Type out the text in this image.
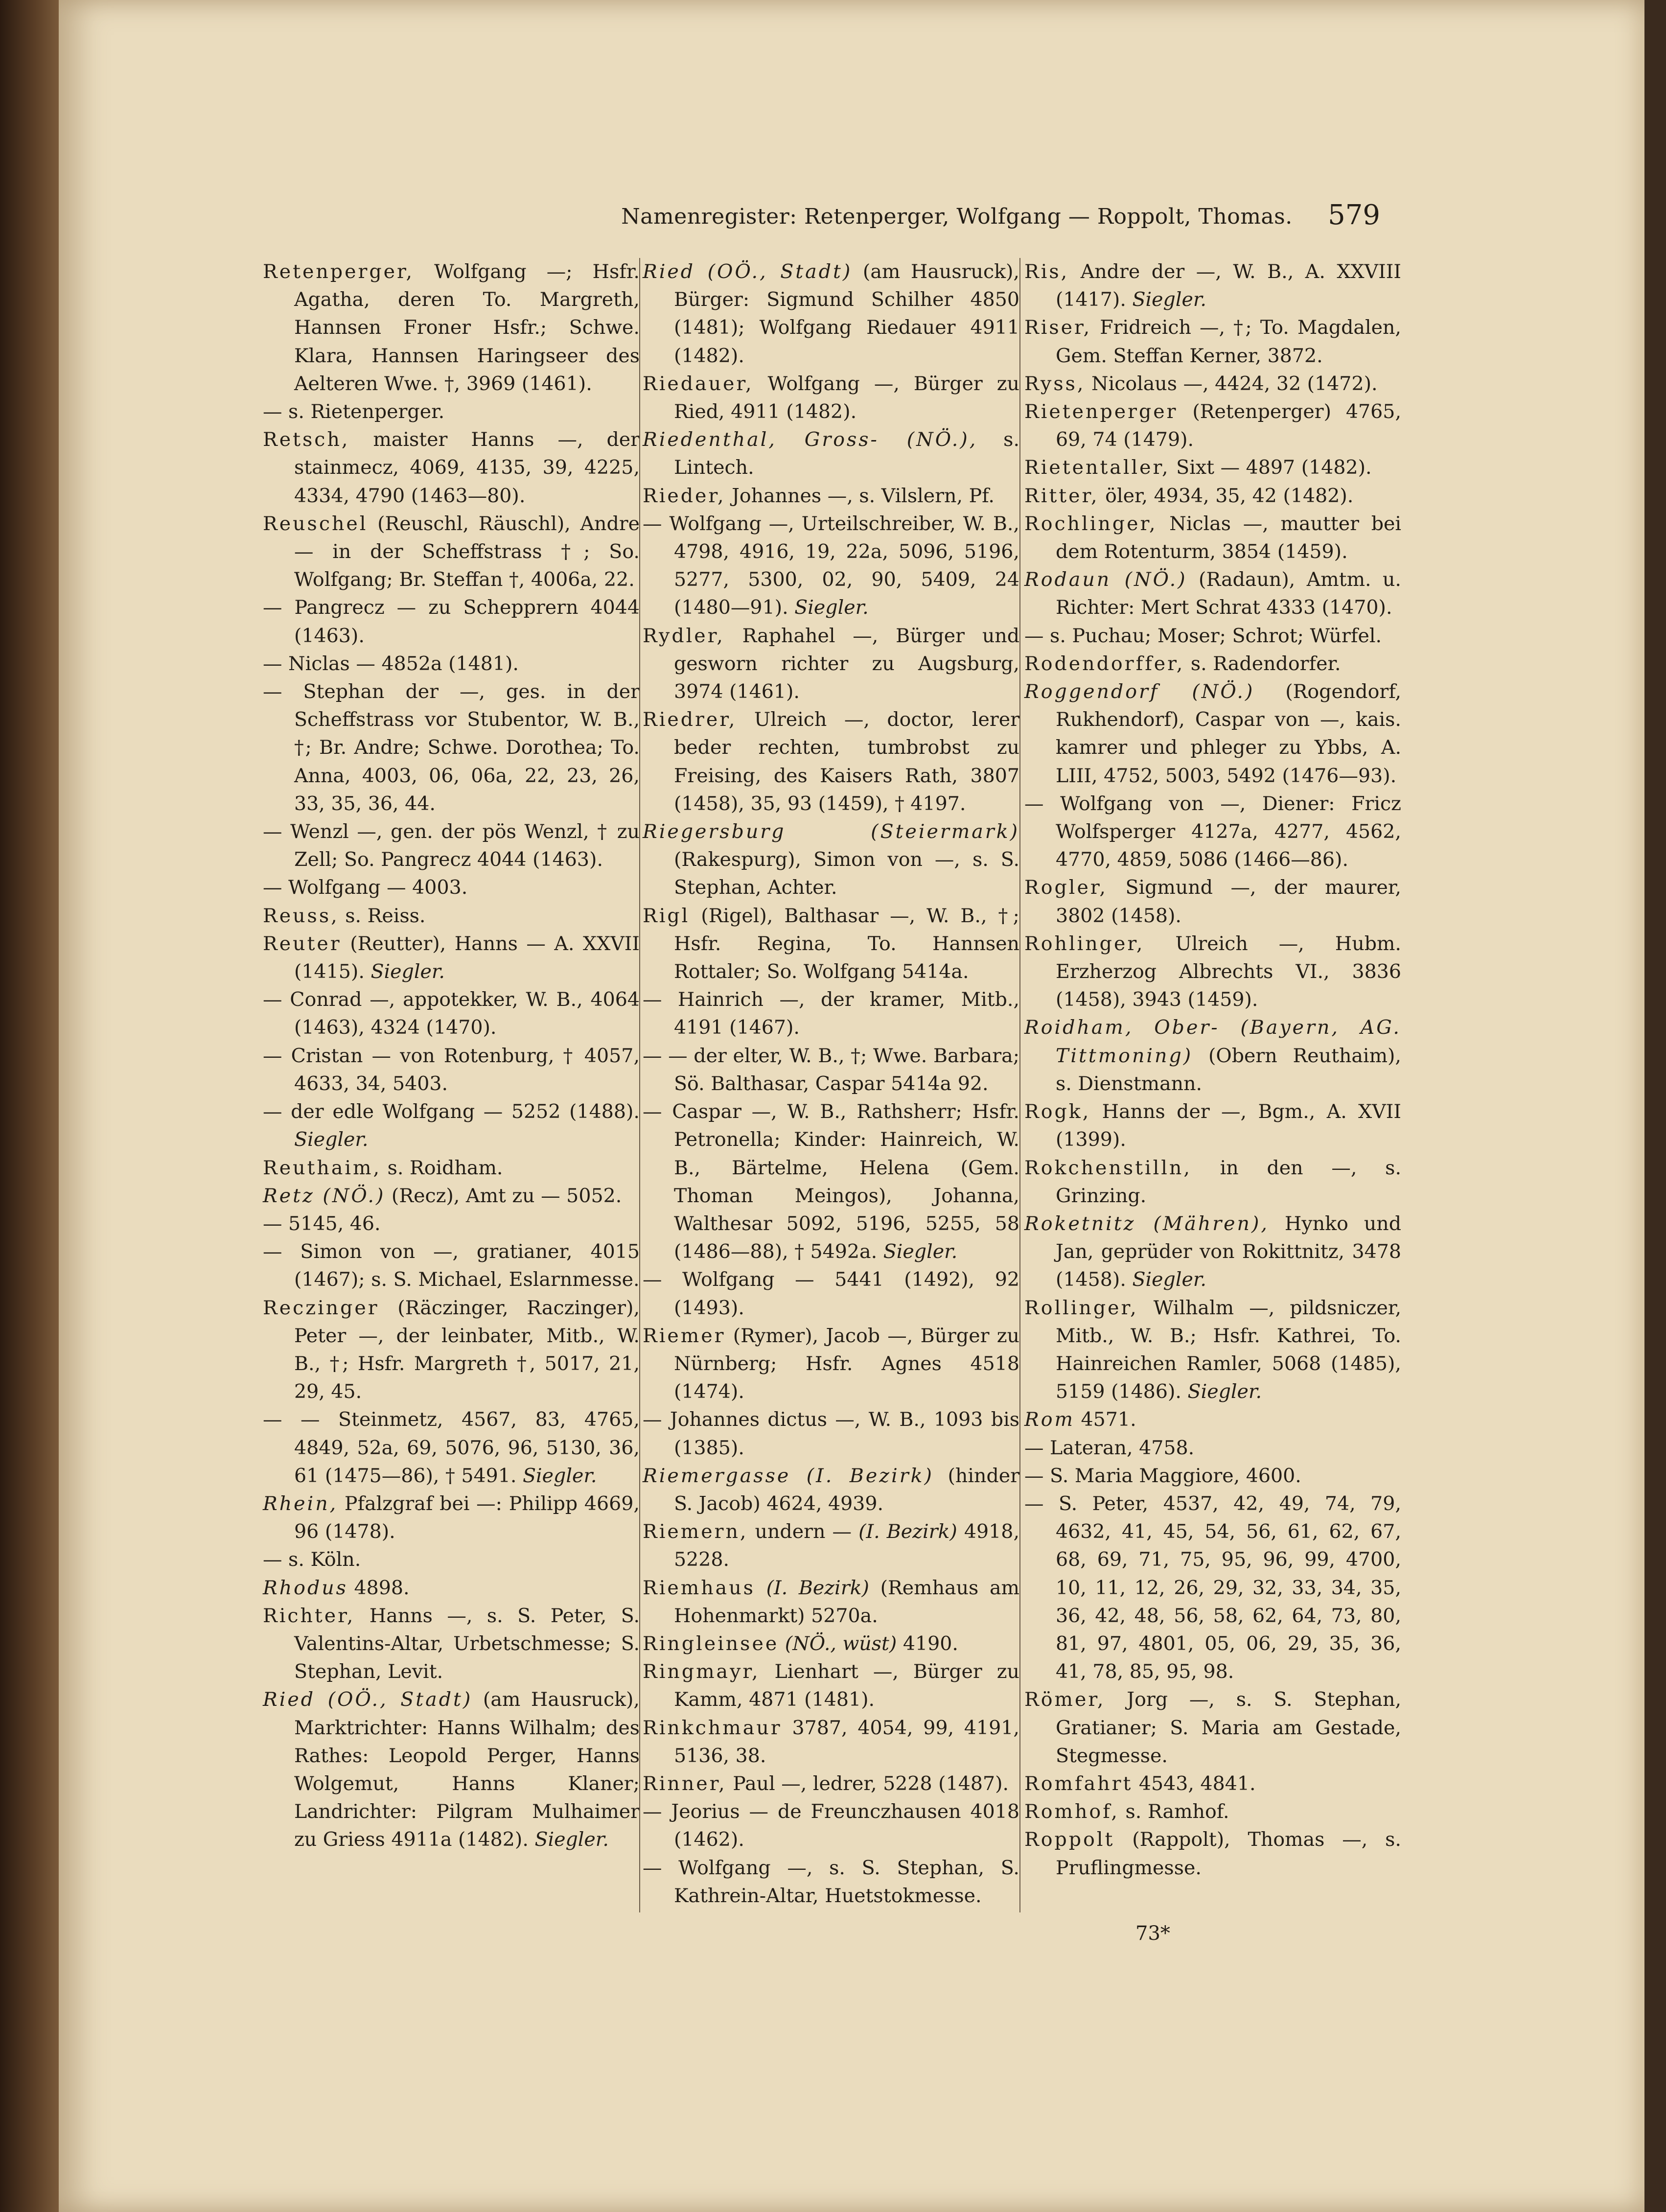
Namenregister: Retenperger, Wolfgang — Roppolt, Thomas.	579

Retenperger, Wolfgang —; Hsfr. Agatha, deren To. Margreth, Hannsen Froner Hsfr.; Schwe. Klara, Hannsen Haringseer des Aelteren Wwe. †, 3969 (1461).

— s. Rietenperger.

Retsch, maister Hanns —, der stainmecz, 4069, 4135, 39, 4225, 4334, 4790 (1463—80).

Reuschel (Reuschl, Räuschl), Andre — in der Scheffstrass †; So. Wolfgang; Br. Steffan †, 4006a, 22.

— Pangrecz — zu Schepprern 4044 (1463).

— Niclas — 4852a (1481).

— Stephan der —, ges. in der Scheffstrass vor Stubentor, W. B., †; Br. Andre; Schwe. Dorothea; To. Anna, 4003, 06, 06a, 22, 23, 26, 33, 35, 36, 44.

— Wenzl —, gen. der pös Wenzl, † zu Zell; So. Pangrecz 4044 (1463).

— Wolfgang — 4003.

Reuss, s. Reiss.

Reuter (Reutter), Hanns — A. XXVII (1415). Siegler.

— Conrad —, appotekker, W. B., 4064 (1463), 4324 (1470).

— Cristan — von Rotenburg, † 4057, 4633, 34, 5403.

— der edle Wolfgang — 5252 (1488). Siegler.

Reuthaim, s. Roidham.

Retz (NÖ.) (Recz), Amt zu — 5052.

— 5145, 46.

— Simon von —, gratianer, 4015 (1467); s. S. Michael, Eslarnmesse.

Reczinger (Räczinger, Raczinger), Peter —, der leinbater, Mitb., W. B., †; Hsfr. Margreth †, 5017, 21, 29, 45.

— — Steinmetz, 4567, 83, 4765, 4849, 52a, 69, 5076, 96, 5130, 36, 61 (1475—86), † 5491. Siegler.

Rhein, Pfalzgraf bei —: Philipp 4669, 96 (1478).

— s. Köln.

Rhodus 4898.

Richter, Hanns —, s. S. Peter, S. Valentins-Altar, Urbetschmesse; S. Stephan, Levit.

Ried (OÖ., Stadt) (am Hausruck), Marktrichter: Hanns Wilhalm; des Rathes: Leopold Perger, Hanns Wolgemut, Hanns Klaner; Landrichter: Pilgram Mulhaimer zu Griess 4911a (1482). Siegler.

Ried (OÖ., Stadt) (am Hausruck), Bürger: Sigmund Schilher 4850 (1481); Wolfgang Riedauer 4911 (1482).

Riedauer, Wolfgang —, Bürger zu Ried, 4911 (1482).

Riedenthal, Gross- (NÖ.), s. Lintech.

Rieder, Johannes —, s. Vilslern, Pf.

— Wolfgang —, Urteilschreiber, W. B., 4798, 4916, 19, 22a, 5096, 5196, 5277, 5300, 02, 90, 5409, 24 (1480—91). Siegler.

Rydler, Raphahel —, Bürger und gesworn richter zu Augsburg, 3974 (1461).

Riedrer, Ulreich —, doctor, lerer beder rechten, tumbrobst zu Freising, des Kaisers Rath, 3807 (1458), 35, 93 (1459), † 4197.

Riegersburg (Steiermark) (Rakespurg), Simon von —, s. S. Stephan, Achter.

Rigl (Rigel), Balthasar —, W. B., †; Hsfr. Regina, To. Hannsen Rottaler; So. Wolfgang 5414a.

— Hainrich —, der kramer, Mitb., 4191 (1467).

— — der elter, W. B., †; Wwe. Barbara; Sö. Balthasar, Caspar 5414a 92.

— Caspar —, W. B., Rathsherr; Hsfr. Petronella; Kinder: Hainreich, W. B., Bärtelme, Helena (Gem. Thoman Meingos), Johanna, Walthesar 5092, 5196, 5255, 58 (1486—88), † 5492a. Siegler.

— Wolfgang — 5441 (1492), 92 (1493).

Riemer (Rymer), Jacob —, Bürger zu Nürnberg; Hsfr. Agnes 4518 (1474).

— Johannes dictus —, W. B., 1093 bis (1385).

Riemergasse (I. Bezirk) (hinder S. Jacob) 4624, 4939.

Riemern, undern — (I. Bezirk) 4918, 5228.

Riemhaus (I. Bezirk) (Remhaus am Hohenmarkt) 5270a.

Ringleinsee (NÖ., wüst) 4190.

Ringmayr, Lienhart —, Bürger zu Kamm, 4871 (1481).

Rinkchmaur 3787, 4054, 99, 4191, 5136, 38.

Rinner, Paul —, ledrer, 5228 (1487).

— Jeorius — de Freunczhausen 4018 (1462).

— Wolfgang —, s. S. Stephan, S. Kathrein-Altar, Huetstokmesse.

Ris, Andre der —, W. B., A. XXVIII (1417). Siegler.

Riser, Fridreich —, †; To. Magdalen, Gem. Steffan Kerner, 3872.

Ryss, Nicolaus —, 4424, 32 (1472).

Rietenperger (Retenperger) 4765, 69, 74 (1479).

Rietentaller, Sixt — 4897 (1482).

Ritter, öler, 4934, 35, 42 (1482).

Rochlinger, Niclas —, mautter bei dem Rotenturm, 3854 (1459).

Rodaun (NÖ.) (Radaun), Amtm. u. Richter: Mert Schrat 4333 (1470).

— s. Puchau; Moser; Schrot; Würfel.

Rodendorffer, s. Radendorfer.

Roggendorf (NÖ.) (Rogendorf, Rukhendorf), Caspar von —, kais. kamrer und phleger zu Ybbs, A. LIII, 4752, 5003, 5492 (1476—93).

— Wolfgang von —, Diener: Fricz Wolfsperger 4127a, 4277, 4562, 4770, 4859, 5086 (1466—86).

Rogler, Sigmund —, der maurer, 3802 (1458).

Rohlinger, Ulreich —, Hubm. Erzherzog Albrechts VI., 3836 (1458), 3943 (1459).

Roidham, Ober- (Bayern, AG. Tittmoning) (Obern Reuthaim), s. Dienstmann.

Rogk, Hanns der —, Bgm., A. XVII (1399).

Rokchenstilln, in den —, s. Grinzing.

Roketnitz (Mähren), Hynko und Jan, geprüder von Rokittnitz, 3478 (1458). Siegler.

Rollinger, Wilhalm —, pildsniczer, Mitb., W. B.; Hsfr. Kathrei, To. Hainreichen Ramler, 5068 (1485), 5159 (1486). Siegler.

Rom 4571.

— Lateran, 4758.

— S. Maria Maggiore, 4600.

— S. Peter, 4537, 42, 49, 74, 79, 4632, 41, 45, 54, 56, 61, 62, 67, 68, 69, 71, 75, 95, 96, 99, 4700, 10, 11, 12, 26, 29, 32, 33, 34, 35, 36, 42, 48, 56, 58, 62, 64, 73, 80, 81, 97, 4801, 05, 06, 29, 35, 36, 41, 78, 85, 95, 98.

Römer, Jorg —, s. S. Stephan, Gratianer; S. Maria am Gestade, Stegmesse.

Romfahrt 4543, 4841.

Romhof, s. Ramhof.

Roppolt (Rappolt), Thomas —, s. Pruflingmesse.

73*
